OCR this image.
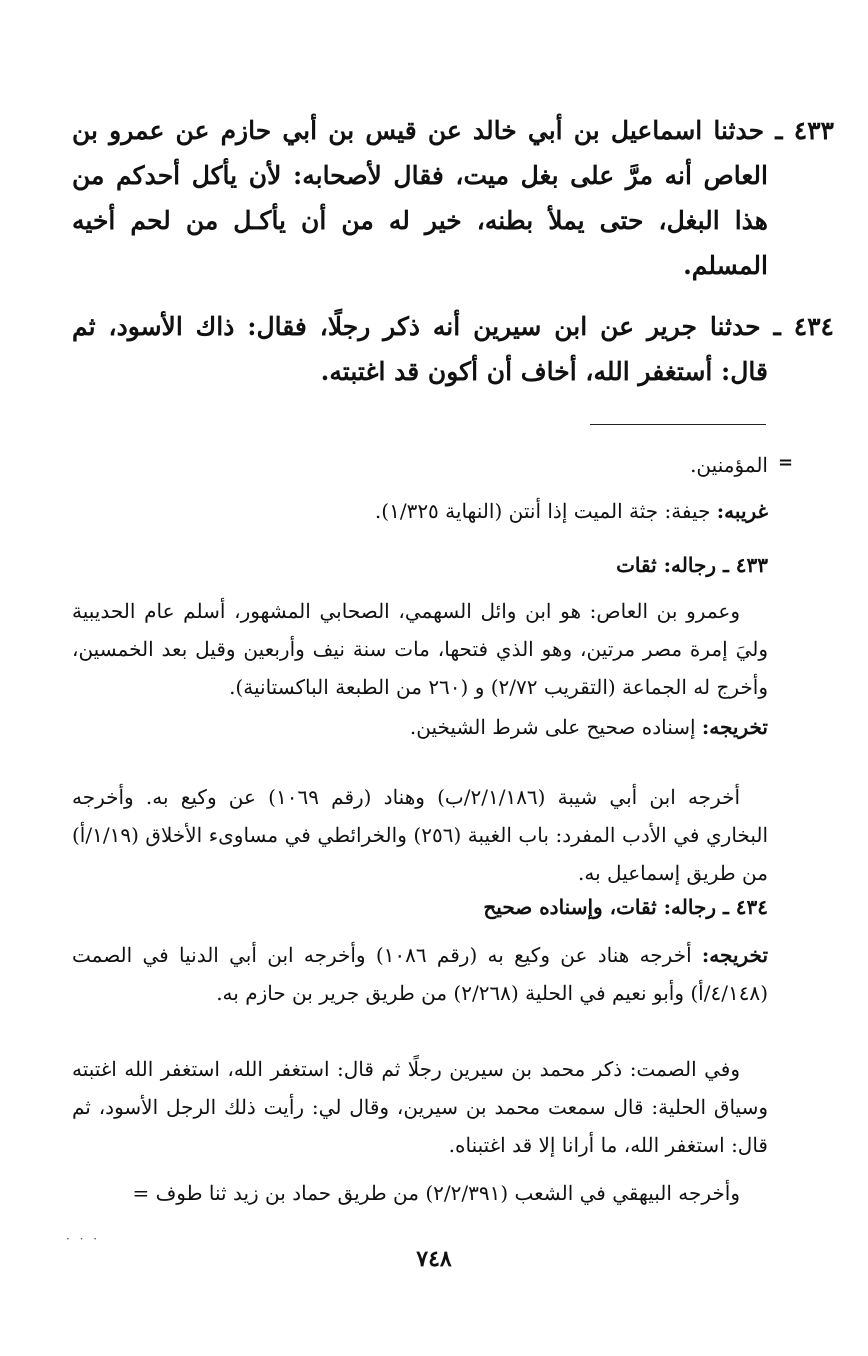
٤٣٣ ـ حدثنا اسماعيل بن أبي خالد عن قيس بن أبي حازم عن عمرو بن العاص أنه مرَّ على بغل ميت، فقال لأصحابه: لأن يأكل أحدكم من هذا البغل، حتى يملأ بطنه، خير له من أن يأكـل من لحم أخيه المسلم.
٤٣٤ ـ حدثنا جرير عن ابن سيرين أنه ذكر رجلًا، فقال: ذاك الأسود، ثم قال: أستغفر الله، أخاف أن أكون قد اغتبته.
=
المؤمنين.
غريبه: جيفة: جثة الميت إذا أنتن (النهاية ١/٣٢٥).
٤٣٣ ـ رجاله: ثقات
وعمرو بن العاص: هو ابن وائل السهمي، الصحابي المشهور، أسلم عام الحديبية وليَ إمرة مصر مرتين، وهو الذي فتحها، مات سنة نيف وأربعين وقيل بعد الخمسين، وأخرج له الجماعة (التقريب ٢/٧٢) و (٢٦٠ من الطبعة الباكستانية).
تخريجه: إسناده صحيح على شرط الشيخين.
أخرجه ابن أبي شيبة (٢/١/١٨٦/ب) وهناد (رقم ١٠٦٩) عن وكيع به. وأخرجه البخاري في الأدب المفرد: باب الغيبة (٢٥٦) والخرائطي في مساوىء الأخلاق (١/١٩/أ) من طريق إسماعيل به.
٤٣٤ ـ رجاله: ثقات، وإسناده صحيح
تخريجه: أخرجه هناد عن وكيع به (رقم ١٠٨٦) وأخرجه ابن أبي الدنيا في الصمت (٤/١٤٨/أ) وأبو نعيم في الحلية (٢/٢٦٨) من طريق جرير بن حازم به.
وفي الصمت: ذكر محمد بن سيرين رجلًا ثم قال: استغفر الله، استغفر الله اغتبته وسياق الحلية: قال سمعت محمد بن سيرين، وقال لي: رأيت ذلك الرجل الأسود، ثم قال: استغفر الله، ما أرانا إلا قد اغتبناه.
وأخرجه البيهقي في الشعب (٢/٢/٣٩١) من طريق حماد بن زيد ثنا طوف =
· · ·
٧٤٨
